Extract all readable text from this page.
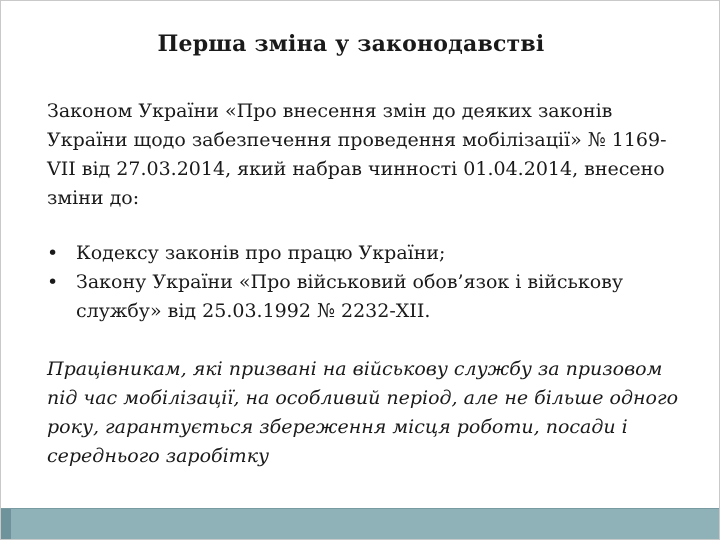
Перша зміна у законодавстві

Законом України «Про внесення змін до деяких законів України щодо забезпечення проведення мобілізації» № 1169-VII від 27.03.2014, який набрав чинності 01.04.2014, внесено зміни до:

• Кодексу законів про працю України;
• Закону України «Про військовий обов’язок і військову службу» від 25.03.1992 № 2232-XII.

Працівникам, які призвані на військову службу за призовом під час мобілізації, на особливий період, але не більше одного року, гарантується збереження місця роботи, посади і середнього заробітку
